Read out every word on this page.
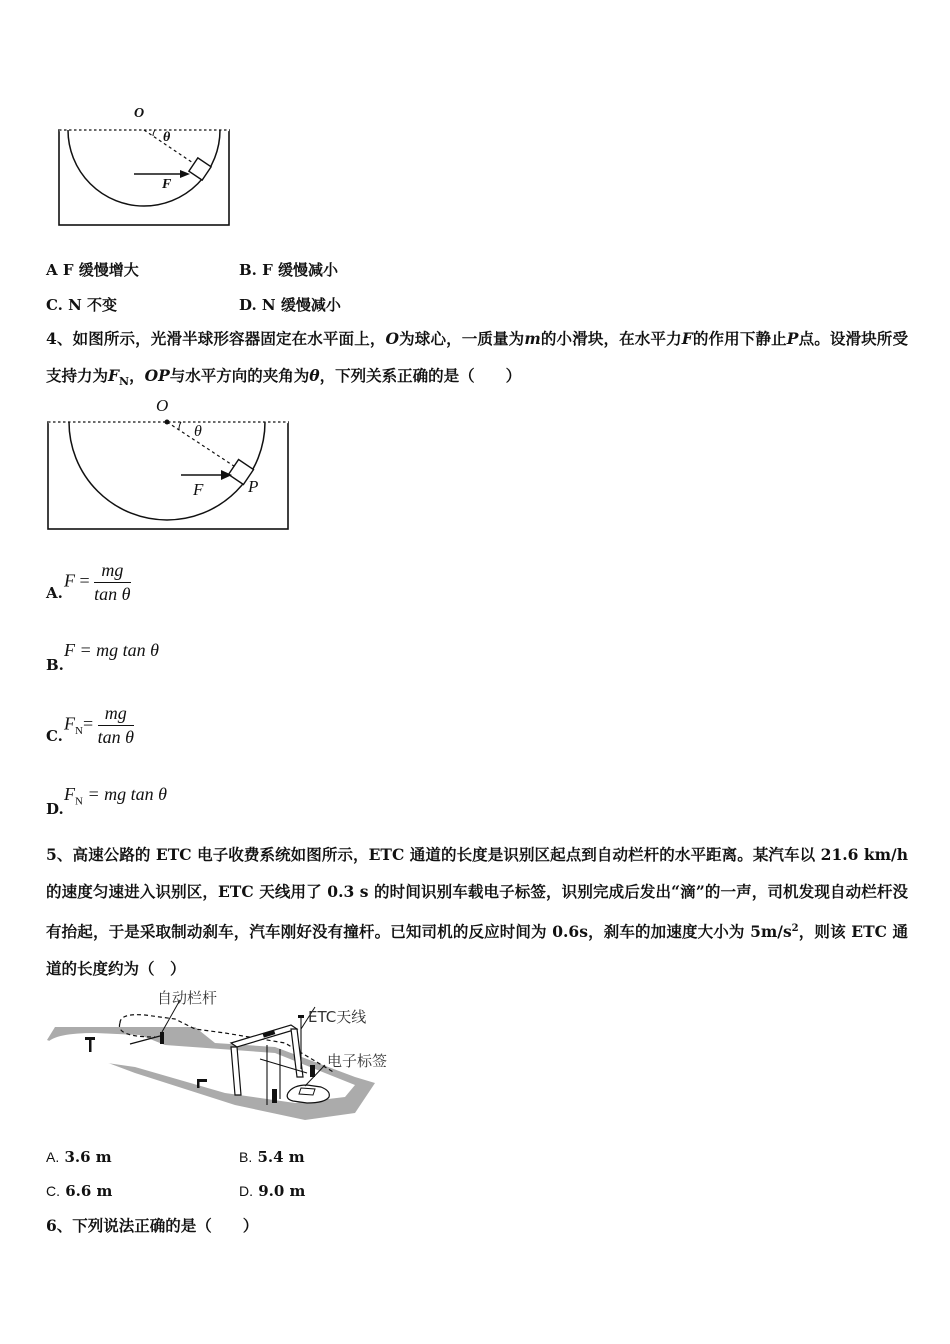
O
θ
F
A F 缓慢增大	B. F 缓慢减小
C. N 不变	D. N 缓慢减小
4、如图所示，光滑半球形容器固定在水平面上，O为球心，一质量为m的小滑块，在水平力F的作用下静止P点。设滑块所受支持力为$F_N$，OP与水平方向的夹角为θ，下列关系正确的是（　　）
O
θ
F	P
A.
$F = \frac{mg}{\text{tan θ}}$
B.
F = mg tan θ
C.
$F_N= \frac{mg}{\text{tan θ}}$
D.
$F_N$ = mg tan θ
5、高速公路的 ETC 电子收费系统如图所示，ETC 通道的长度是识别区起点到自动栏杆的水平距离。某汽车以 21.6 km/h 的速度匀速进入识别区，ETC 天线用了 0.3 s 的时间识别车载电子标签，识别完成后发出“滴”的一声，司机发现自动栏杆没有抬起，于是采取制动刹车，汽车刚好没有撞杆。已知司机的反应时间为 0.6s，刹车的加速度大小为 $5m/s^2$，则该 ETC 通道的长度约为（　）
自动栏杆
ETC天线
电子标签
A. 3.6 m	B. 5.4 m
C. 6.6 m	D. 9.0 m
6、下列说法正确的是（　　）
